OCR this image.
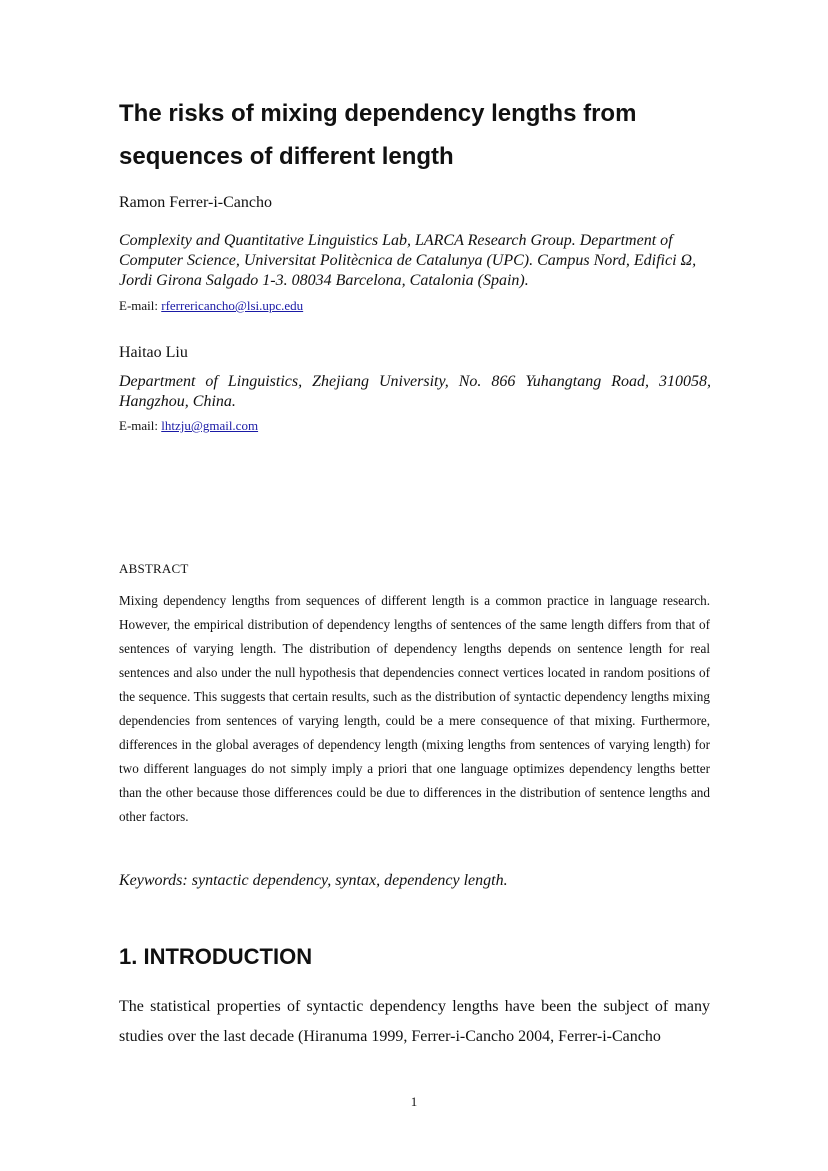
The risks of mixing dependency lengths from sequences of different length

Ramon Ferrer-i-Cancho

Complexity and Quantitative Linguistics Lab, LARCA Research Group. Department of Computer Science, Universitat Politècnica de Catalunya (UPC). Campus Nord, Edifici Ω, Jordi Girona Salgado 1-3. 08034 Barcelona, Catalonia (Spain).

E-mail: rferrericancho@lsi.upc.edu

Haitao Liu

Department of Linguistics, Zhejiang University, No. 866 Yuhangtang Road, 310058, Hangzhou, China.

E-mail: lhtzju@gmail.com

ABSTRACT

Mixing dependency lengths from sequences of different length is a common practice in language research. However, the empirical distribution of dependency lengths of sentences of the same length differs from that of sentences of varying length. The distribution of dependency lengths depends on sentence length for real sentences and also under the null hypothesis that dependencies connect vertices located in random positions of the sequence. This suggests that certain results, such as the distribution of syntactic dependency lengths mixing dependencies from sentences of varying length, could be a mere consequence of that mixing. Furthermore, differences in the global averages of dependency length (mixing lengths from sentences of varying length) for two different languages do not simply imply a priori that one language optimizes dependency lengths better than the other because those differences could be due to differences in the distribution of sentence lengths and other factors.

Keywords: syntactic dependency, syntax, dependency length.

1. INTRODUCTION

The statistical properties of syntactic dependency lengths have been the subject of many studies over the last decade (Hiranuma 1999, Ferrer-i-Cancho 2004, Ferrer-i-Cancho

1
